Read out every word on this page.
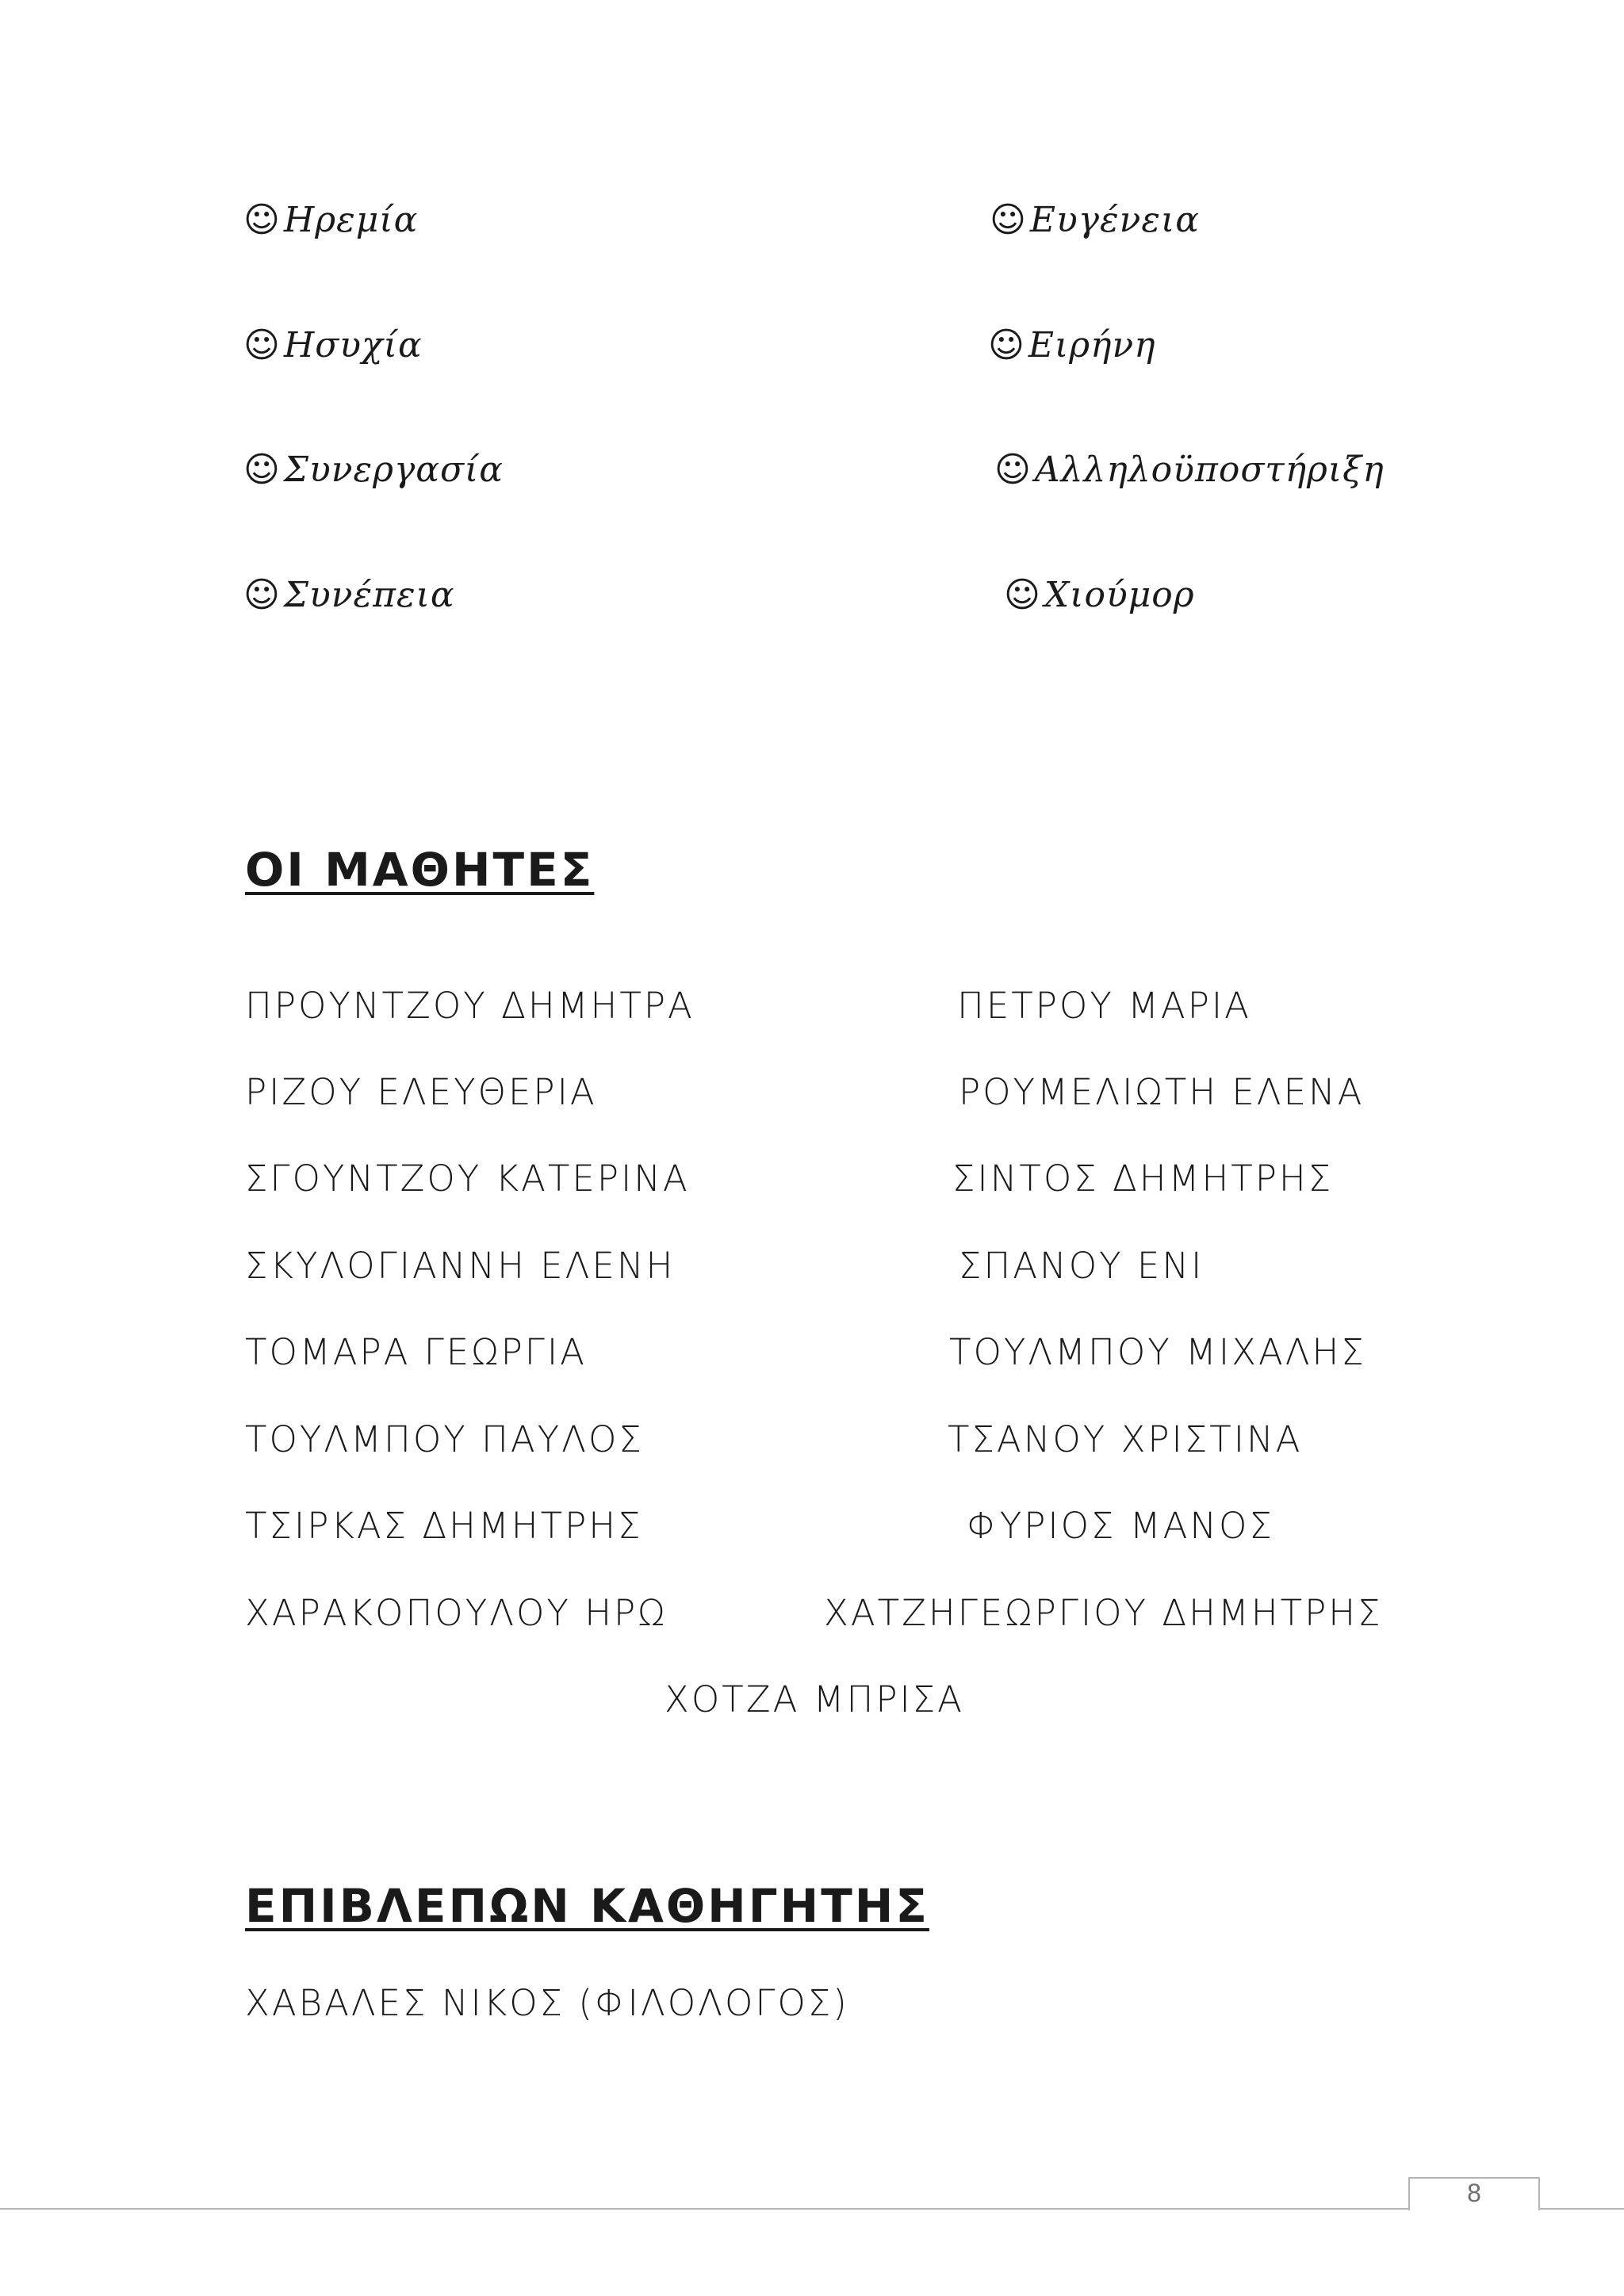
☺Ηρεμία
☺Ησυχία
☺Συνεργασία
☺Συνέπεια
☺Ευγένεια
☺Ειρήνη
☺Αλληλοϋποστήριξη
☺Χιούμορ
ΟΙ ΜΑΘΗΤΕΣ
ΠΡΟΥΝΤΖΟΥ ΔΗΜΗΤΡΑ
ΡΙΖΟΥ ΕΛΕΥΘΕΡΙΑ
ΣΓΟΥΝΤΖΟΥ ΚΑΤΕΡΙΝΑ
ΣΚΥΛΟΓΙΑΝΝΗ ΕΛΕΝΗ
ΤΟΜΑΡΑ ΓΕΩΡΓΙΑ
ΤΟΥΛΜΠΟΥ ΠΑΥΛΟΣ
ΤΣΙΡΚΑΣ ΔΗΜΗΤΡΗΣ
ΧΑΡΑΚΟΠΟΥΛΟΥ ΗΡΩ
ΠΕΤΡΟΥ ΜΑΡΙΑ
ΡΟΥΜΕΛΙΩΤΗ ΕΛΕΝΑ
ΣΙΝΤΟΣ ΔΗΜΗΤΡΗΣ
ΣΠΑΝΟΥ ΕΝΙ
ΤΟΥΛΜΠΟΥ ΜΙΧΑΛΗΣ
ΤΣΑΝΟΥ ΧΡΙΣΤΙΝΑ
ΦΥΡΙΟΣ ΜΑΝΟΣ
ΧΑΤΖΗΓΕΩΡΓΙΟΥ ΔΗΜΗΤΡΗΣ
ΧΟΤΖΑ ΜΠΡΙΣΑ
ΕΠΙΒΛΕΠΩΝ ΚΑΘΗΓΗΤΗΣ
ΧΑΒΑΛΕΣ ΝΙΚΟΣ (ΦΙΛΟΛΟΓΟΣ)
8
